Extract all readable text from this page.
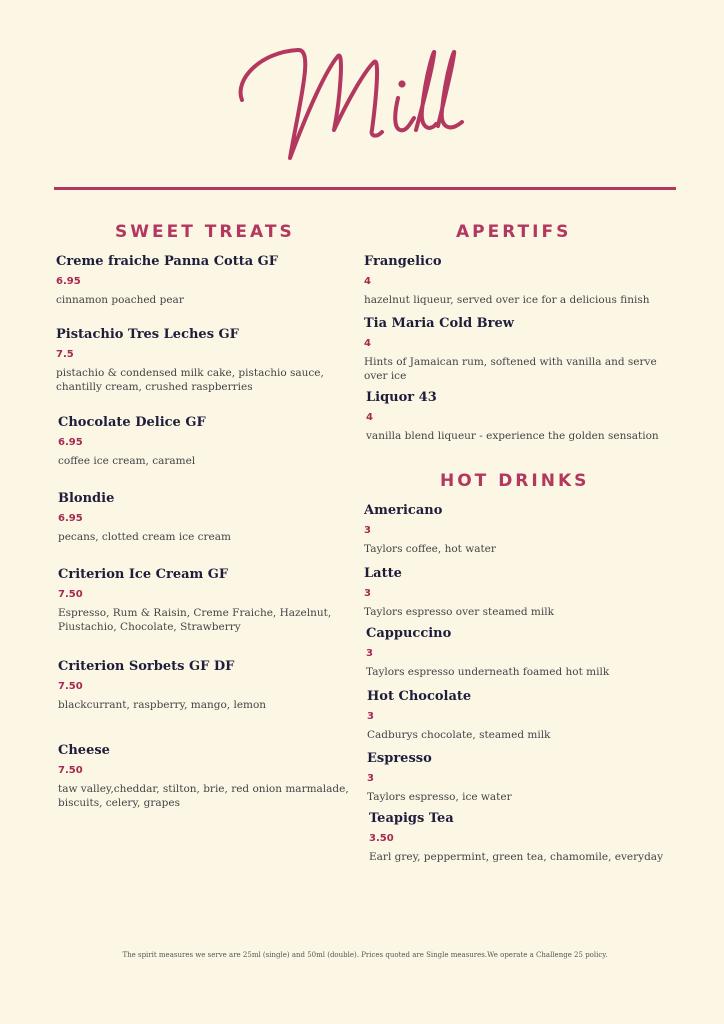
SWEET TREATS

Creme fraiche Panna Cotta GF

6.95

cinnamon poached pear

Pistachio Tres Leches GF

7.5

pistachio & condensed milk cake, pistachio sauce, chantilly cream, crushed raspberries

Chocolate Delice GF

6.95

coffee ice cream, caramel

Blondie

6.95

pecans, clotted cream ice cream

Criterion Ice Cream GF

7.50

Espresso, Rum & Raisin, Creme Fraiche, Hazelnut, Piustachio, Chocolate, Strawberry

Criterion Sorbets GF DF

7.50

blackcurrant, raspberry, mango, lemon

Cheese

7.50

taw valley,cheddar, stilton, brie, red onion marmalade, biscuits, celery, grapes

APERTIFS

Frangelico

4

hazelnut liqueur, served over ice for a delicious finish

Tia Maria Cold Brew

4

Hints of Jamaican rum, softened with vanilla and serve over ice

Liquor 43

4

vanilla blend liqueur - experience the golden sensation

HOT DRINKS

Americano

3

Taylors coffee, hot water

Latte

3

Taylors espresso over steamed milk

Cappuccino

3

Taylors espresso underneath foamed hot milk

Hot Chocolate

3

Cadburys chocolate, steamed milk

Espresso

3

Taylors espresso, ice water

Teapigs Tea

3.50

Earl grey, peppermint, green tea, chamomile, everyday

The spirit measures we serve are 25ml (single) and 50ml (double). Prices quoted are Single measures.We operate a Challenge 25 policy.
